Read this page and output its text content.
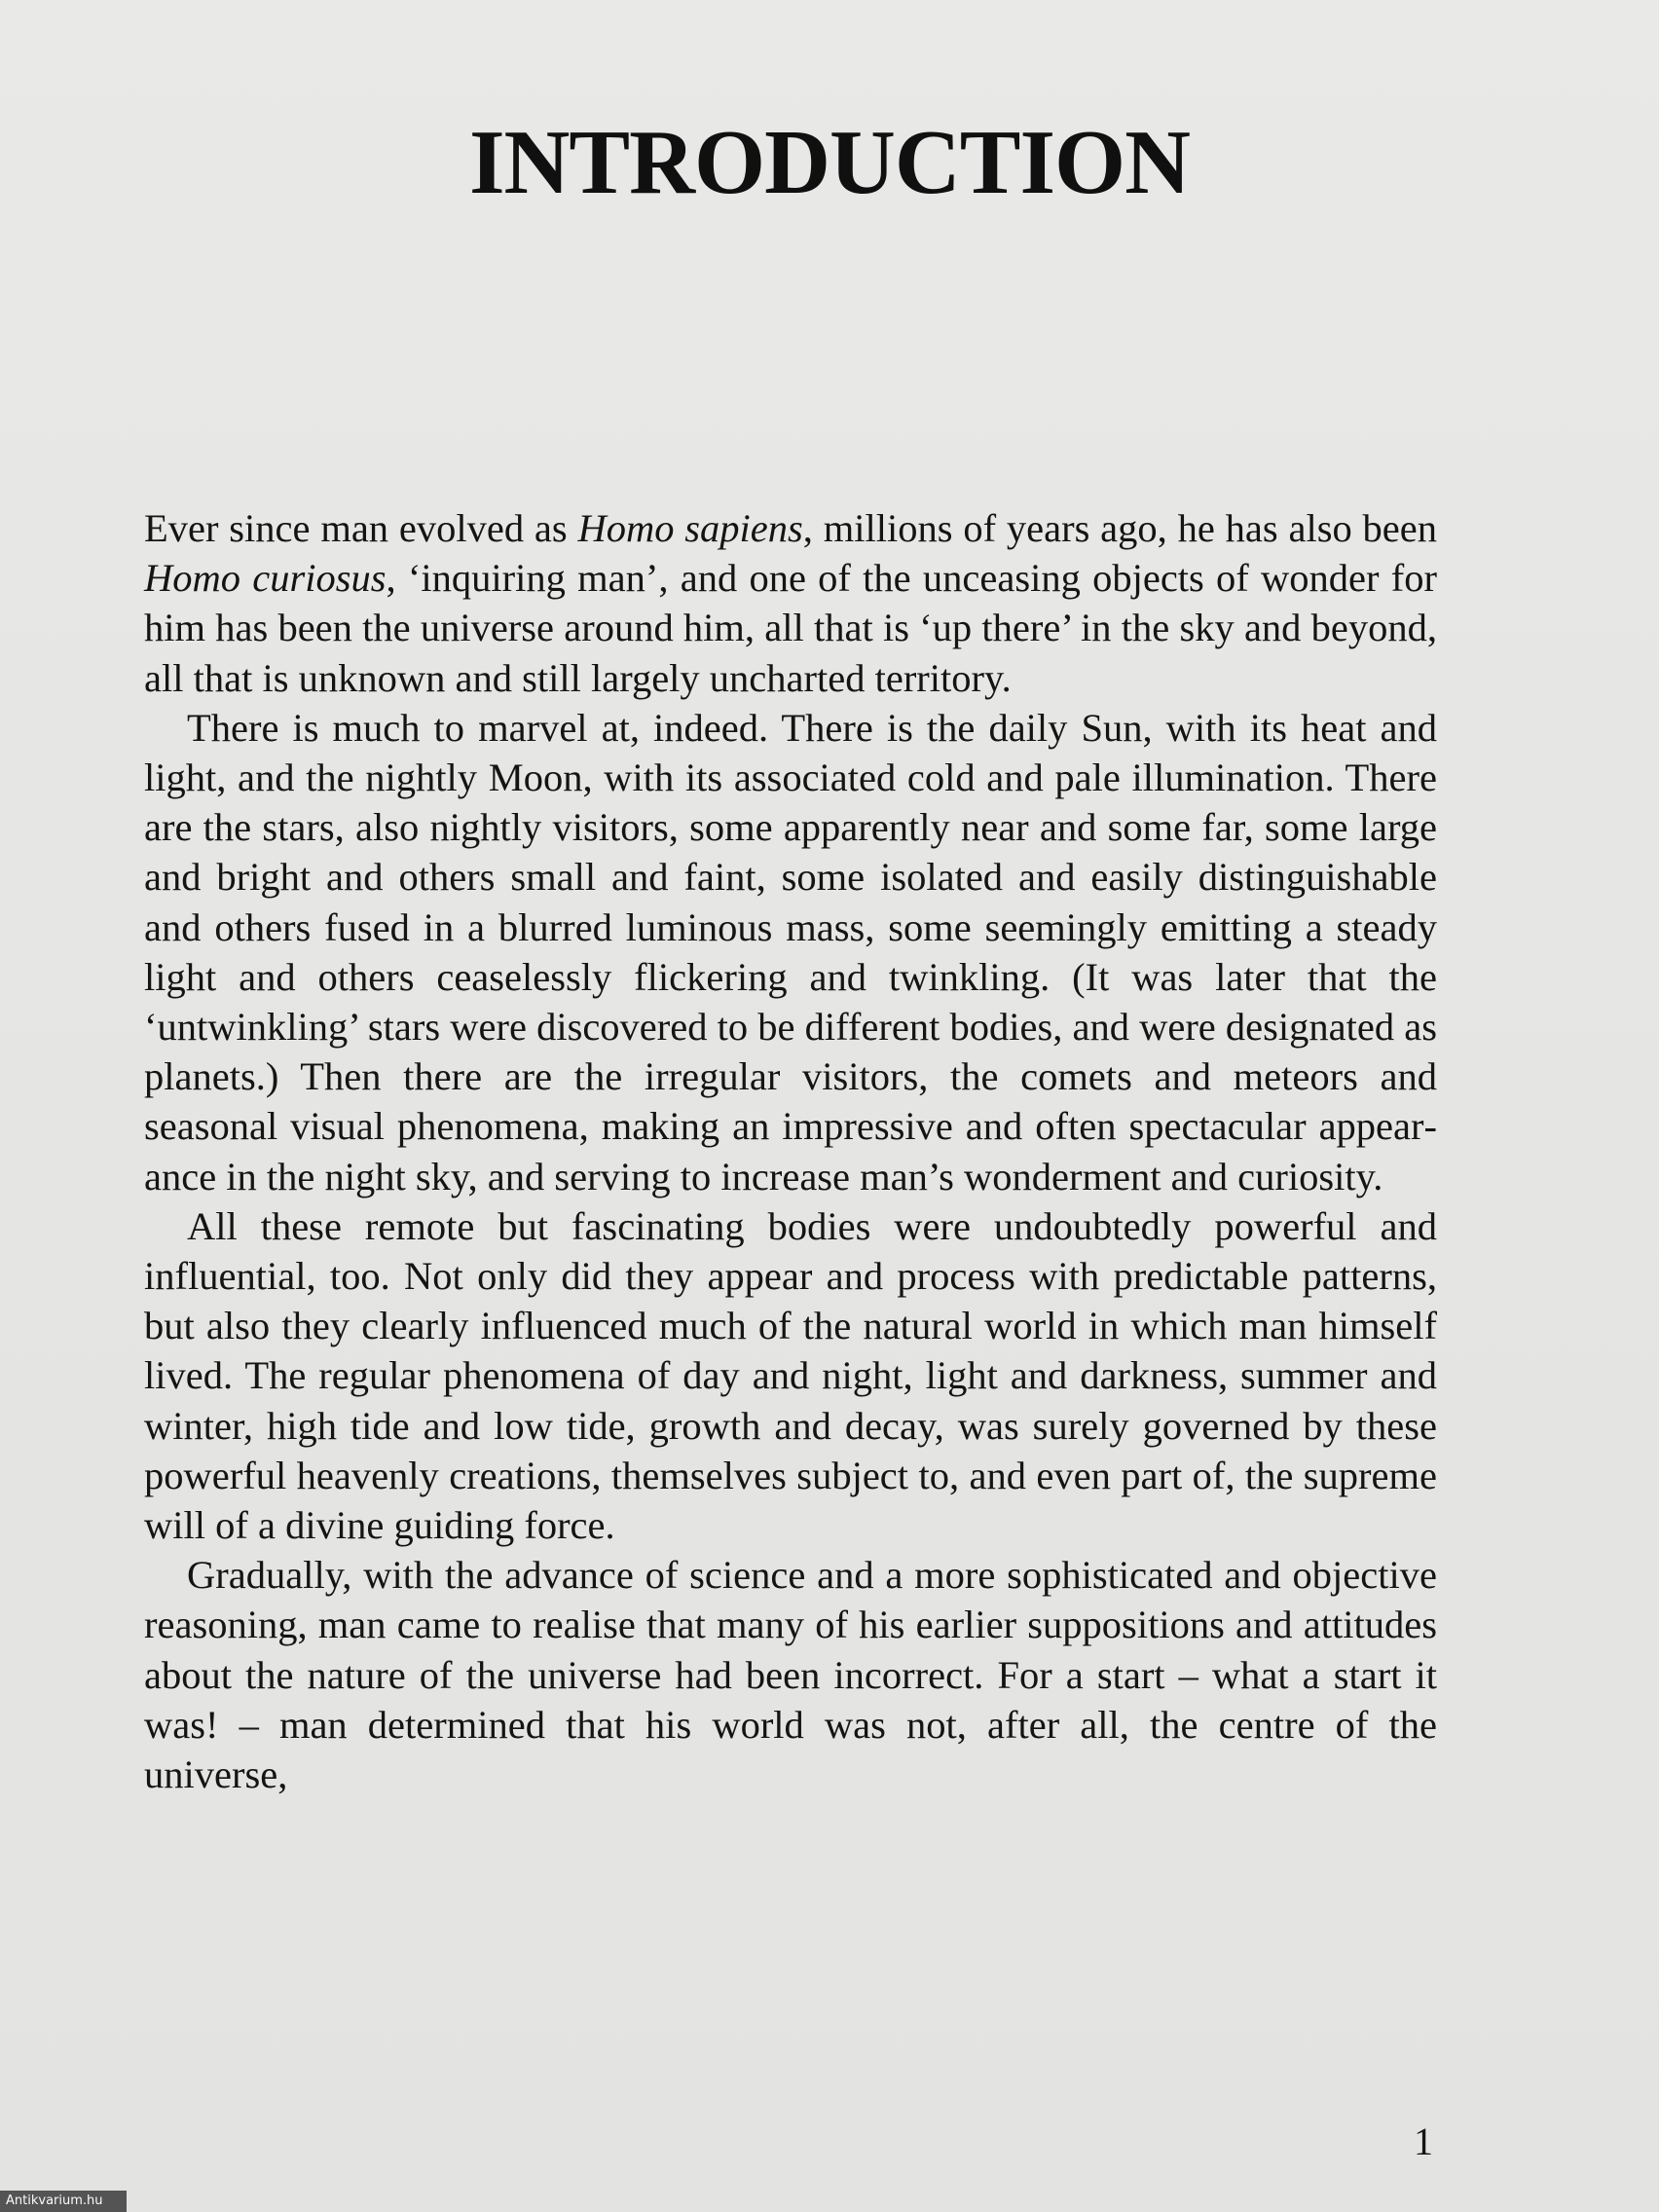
INTRODUCTION

Ever since man evolved as Homo sapiens, millions of years ago, he has also been Homo curiosus, ‘inquiring man’, and one of the unceasing objects of wonder for him has been the universe around him, all that is ‘up there’ in the sky and beyond, all that is unknown and still largely uncharted territory.

There is much to marvel at, indeed. There is the daily Sun, with its heat and light, and the nightly Moon, with its associated cold and pale illumination. There are the stars, also nightly visitors, some apparently near and some far, some large and bright and others small and faint, some isolated and easily distinguishable and others fused in a blurred luminous mass, some seemingly emitting a steady light and others ceaselessly flickering and twinkling. (It was later that the ‘untwinkling’ stars were discovered to be different bodies, and were designated as planets.) Then there are the irregular visitors, the comets and meteors and seasonal visual phenomena, making an impressive and often spectacular appearance in the night sky, and serving to increase man’s wonderment and curiosity.

All these remote but fascinating bodies were undoubtedly powerful and influential, too. Not only did they appear and process with predictable patterns, but also they clearly influenced much of the natural world in which man himself lived. The regular phenomena of day and night, light and darkness, summer and winter, high tide and low tide, growth and decay, was surely governed by these powerful heavenly creations, themselves subject to, and even part of, the supreme will of a divine guiding force.

Gradually, with the advance of science and a more sophisticated and objective reasoning, man came to realise that many of his earlier suppositions and attitudes about the nature of the universe had been incorrect. For a start – what a start it was! – man determined that his world was not, after all, the centre of the universe,

1
Antikvarium.hu
